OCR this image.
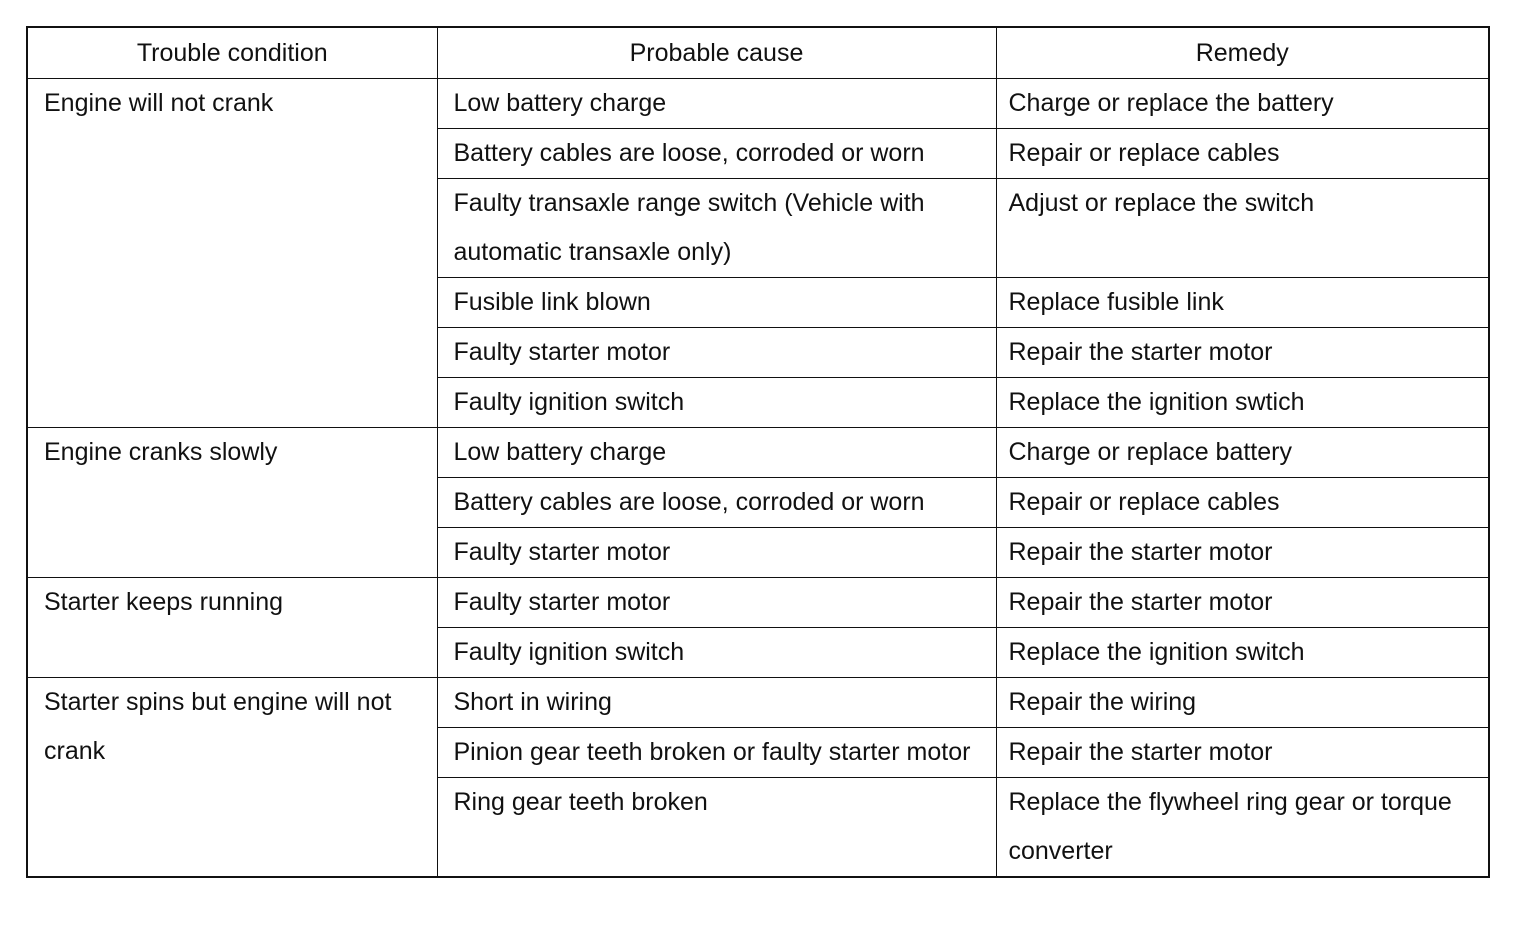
Trouble condition	Probable cause	Remedy
Engine will not crank	Low battery charge	Charge or replace the battery
	Battery cables are loose, corroded or worn	Repair or replace cables
	Faulty transaxle range switch (Vehicle with automatic transaxle only)	Adjust or replace the switch
	Fusible link blown	Replace fusible link
	Faulty starter motor	Repair the starter motor
	Faulty ignition switch	Replace the ignition swtich
Engine cranks slowly	Low battery charge	Charge or replace battery
	Battery cables are loose, corroded or worn	Repair or replace cables
	Faulty starter motor	Repair the starter motor
Starter keeps running	Faulty starter motor	Repair the starter motor
	Faulty ignition switch	Replace the ignition switch
Starter spins but engine will not crank	Short in wiring	Repair the wiring
	Pinion gear teeth broken or faulty starter motor	Repair the starter motor
	Ring gear teeth broken	Replace the flywheel ring gear or torque converter
